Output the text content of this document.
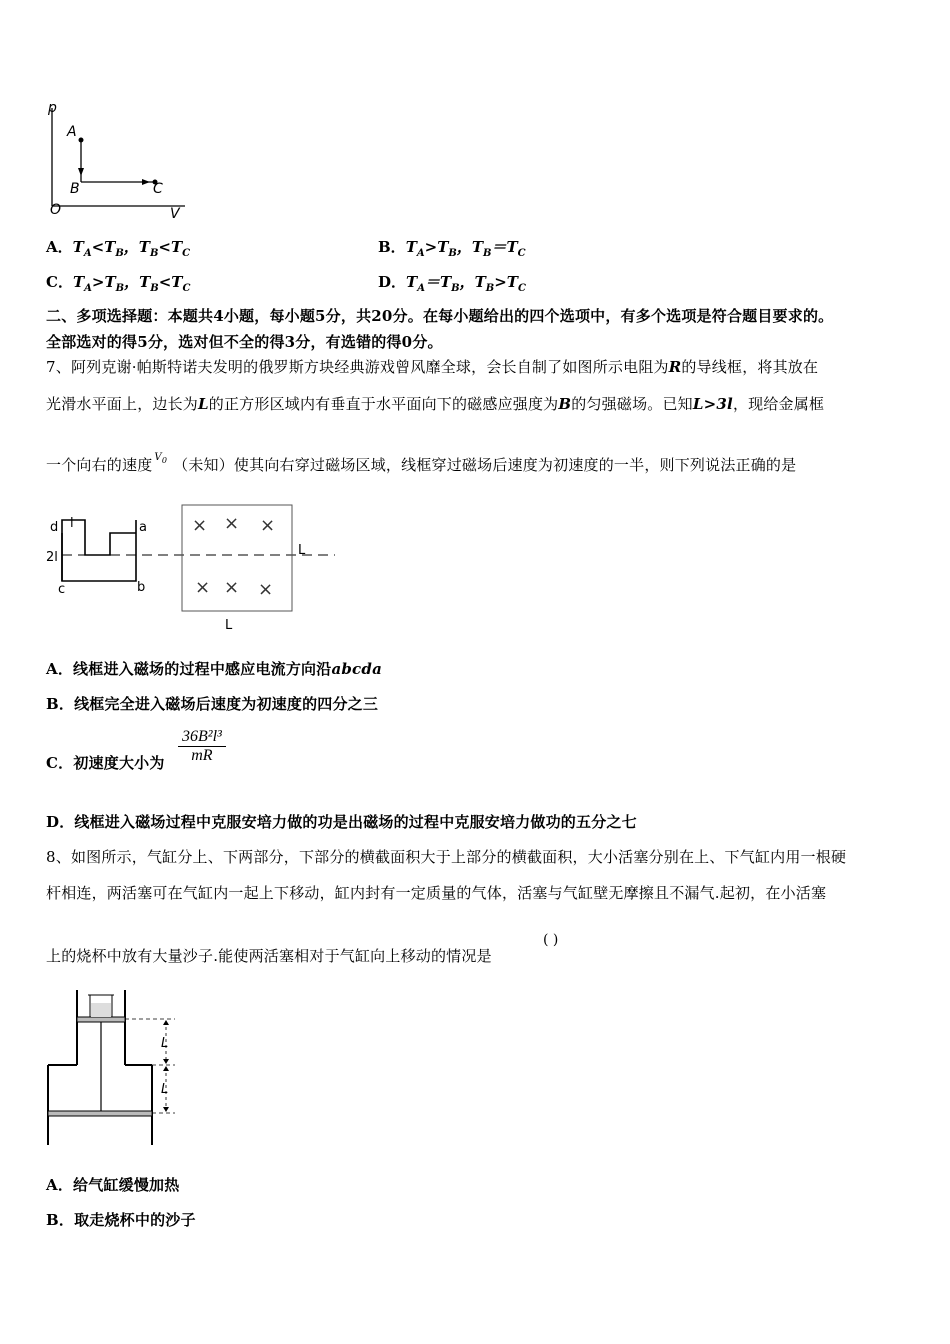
p
V
O
A
B	C
A．$T_A<T_B$，$T_B<T_C$	B．$T_A>T_B$，$T_B=T_C$
C．$T_A>T_B$，$T_B<T_C$	D．$T_A=T_B$，$T_B>T_C$
二、多项选择题：本题共4小题，每小题5分，共20分。在每小题给出的四个选项中，有多个选项是符合题目要求的。
全部选对的得5分，选对但不全的得3分，有选错的得0分。
7、阿列克谢·帕斯特诺夫发明的俄罗斯方块经典游戏曾风靡全球，会长自制了如图所示电阻为R的导线框，将其放在
光滑水平面上，边长为L的正方形区域内有垂直于水平面向下的磁感应强度为B的匀强磁场。已知L>3l，现给金属框
一个向右的速度 $^{V_0}$ （未知）使其向右穿过磁场区域，线框穿过磁场后速度为初速度的一半，则下列说法正确的是
× × ×
× × ×
d l	a
2l
c	b
L
L
A．线框进入磁场的过程中感应电流方向沿abcda
B．线框完全进入磁场后速度为初速度的四分之三
C．初速度大小为 $\frac{\text{36B²l³}}{mR}$
D．线框进入磁场过程中克服安培力做的功是出磁场的过程中克服安培力做功的五分之七
8、如图所示，气缸分上、下两部分，下部分的横截面积大于上部分的横截面积，大小活塞分别在上、下气缸内用一根硬
杆相连，两活塞可在气缸内一起上下移动，缸内封有一定质量的气体，活塞与气缸壁无摩擦且不漏气.起初，在小活塞
上的烧杯中放有大量沙子.能使两活塞相对于气缸向上移动的情况是
( )
L
L
A．给气缸缓慢加热
B．取走烧杯中的沙子
